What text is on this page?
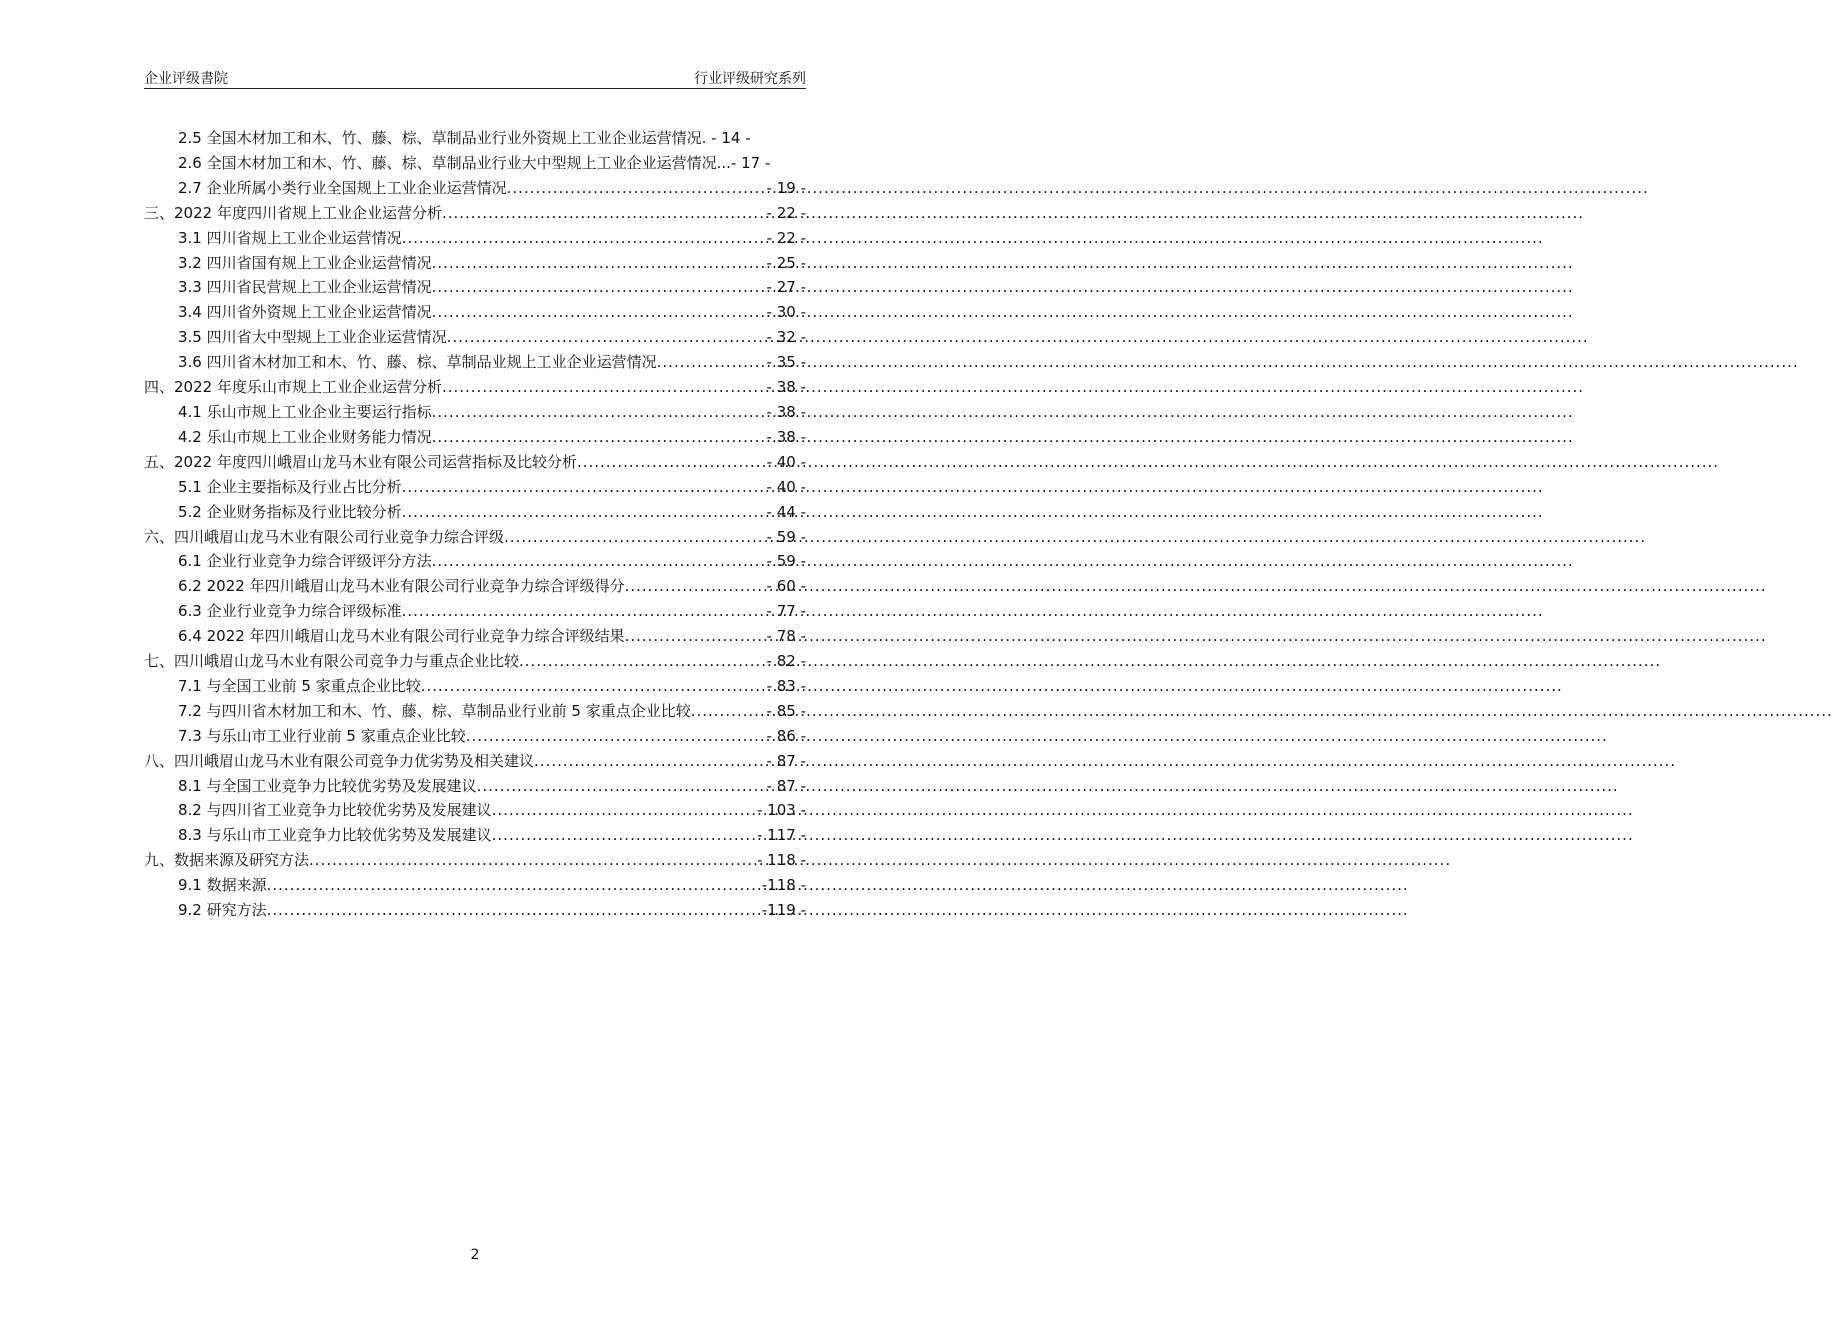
企业评级書院	行业评级研究系列
2.5 全国木材加工和木、竹、藤、棕、草制品业行业外资规上工业企业运营情况. - 14 -
2.6 全国木材加工和木、竹、藤、棕、草制品业行业大中型规上工业企业运营情况...- 17 -
2.7 企业所属小类行业全国规上工业企业运营情况 .....	- 19 -
三、2022 年度四川省规上工业企业运营分析 .....	- 22 -
3.1 四川省规上工业企业运营情况 .....	- 22 -
3.2 四川省国有规上工业企业运营情况 .....	- 25 -
3.3 四川省民营规上工业企业运营情况 .....	- 27 -
3.4 四川省外资规上工业企业运营情况 .....	- 30 -
3.5 四川省大中型规上工业企业运营情况 .....	- 32 -
3.6 四川省木材加工和木、竹、藤、棕、草制品业规上工业企业运营情况 .....	- 35 -
四、2022 年度乐山市规上工业企业运营分析 .....	- 38 -
4.1 乐山市规上工业企业主要运行指标 .....	- 38 -
4.2 乐山市规上工业企业财务能力情况 .....	- 38 -
五、2022 年度四川峨眉山龙马木业有限公司运营指标及比较分析 .....	- 40 -
5.1 企业主要指标及行业占比分析 .....	- 40 -
5.2 企业财务指标及行业比较分析 .....	- 44 -
六、四川峨眉山龙马木业有限公司行业竞争力综合评级 .....	- 59 -
6.1 企业行业竞争力综合评级评分方法 .....	- 59 -
6.2 2022 年四川峨眉山龙马木业有限公司行业竞争力综合评级得分 .....	- 60 -
6.3 企业行业竞争力综合评级标准 .....	- 77 -
6.4 2022 年四川峨眉山龙马木业有限公司行业竞争力综合评级结果 .....	- 78 -
七、四川峨眉山龙马木业有限公司竞争力与重点企业比较 .....	- 82 -
7.1 与全国工业前 5 家重点企业比较 .....	- 83 -
7.2 与四川省木材加工和木、竹、藤、棕、草制品业行业前 5 家重点企业比较 .....	- 85 -
7.3 与乐山市工业行业前 5 家重点企业比较 .....	- 86 -
八、四川峨眉山龙马木业有限公司竞争力优劣势及相关建议 .....	- 87 -
8.1 与全国工业竞争力比较优劣势及发展建议 .....	- 87 -
8.2 与四川省工业竞争力比较优劣势及发展建议 .....	- 103 -
8.3 与乐山市工业竞争力比较优劣势及发展建议 .....	- 117 -
九、数据来源及研究方法 .....	- 118 -
9.1 数据来源 .....	-118 -
9.2 研究方法 .....	-119 -
2
